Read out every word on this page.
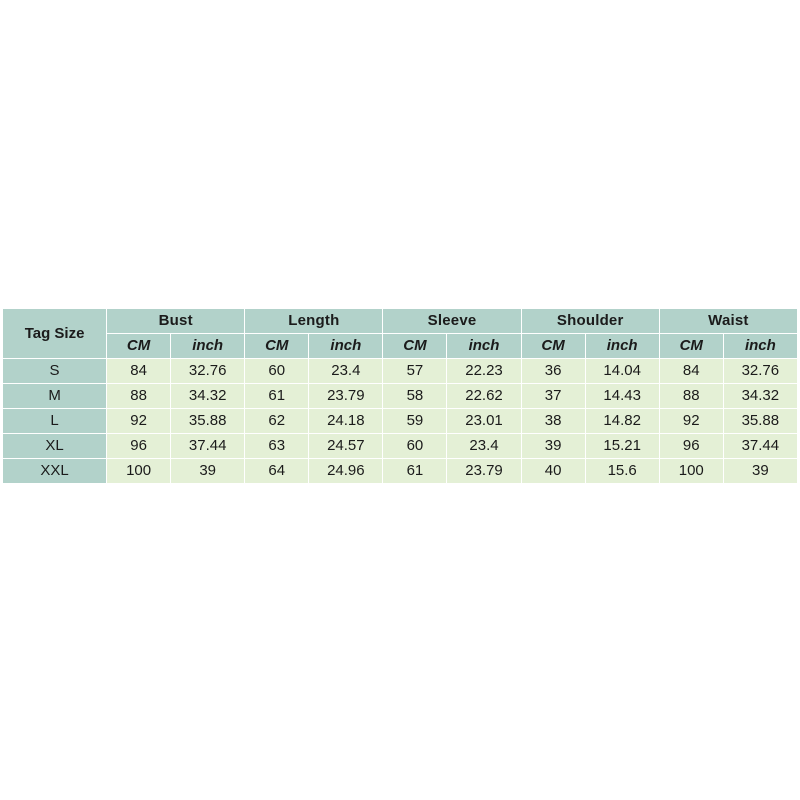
Tag Size	Bust		Length		Sleeve		Shoulder		Waist	
	CM	inch	CM	inch	CM	inch	CM	inch	CM	inch
S	84	32.76	60	23.4	57	22.23	36	14.04	84	32.76
M	88	34.32	61	23.79	58	22.62	37	14.43	88	34.32
L	92	35.88	62	24.18	59	23.01	38	14.82	92	35.88
XL	96	37.44	63	24.57	60	23.4	39	15.21	96	37.44
XXL	100	39	64	24.96	61	23.79	40	15.6	100	39
